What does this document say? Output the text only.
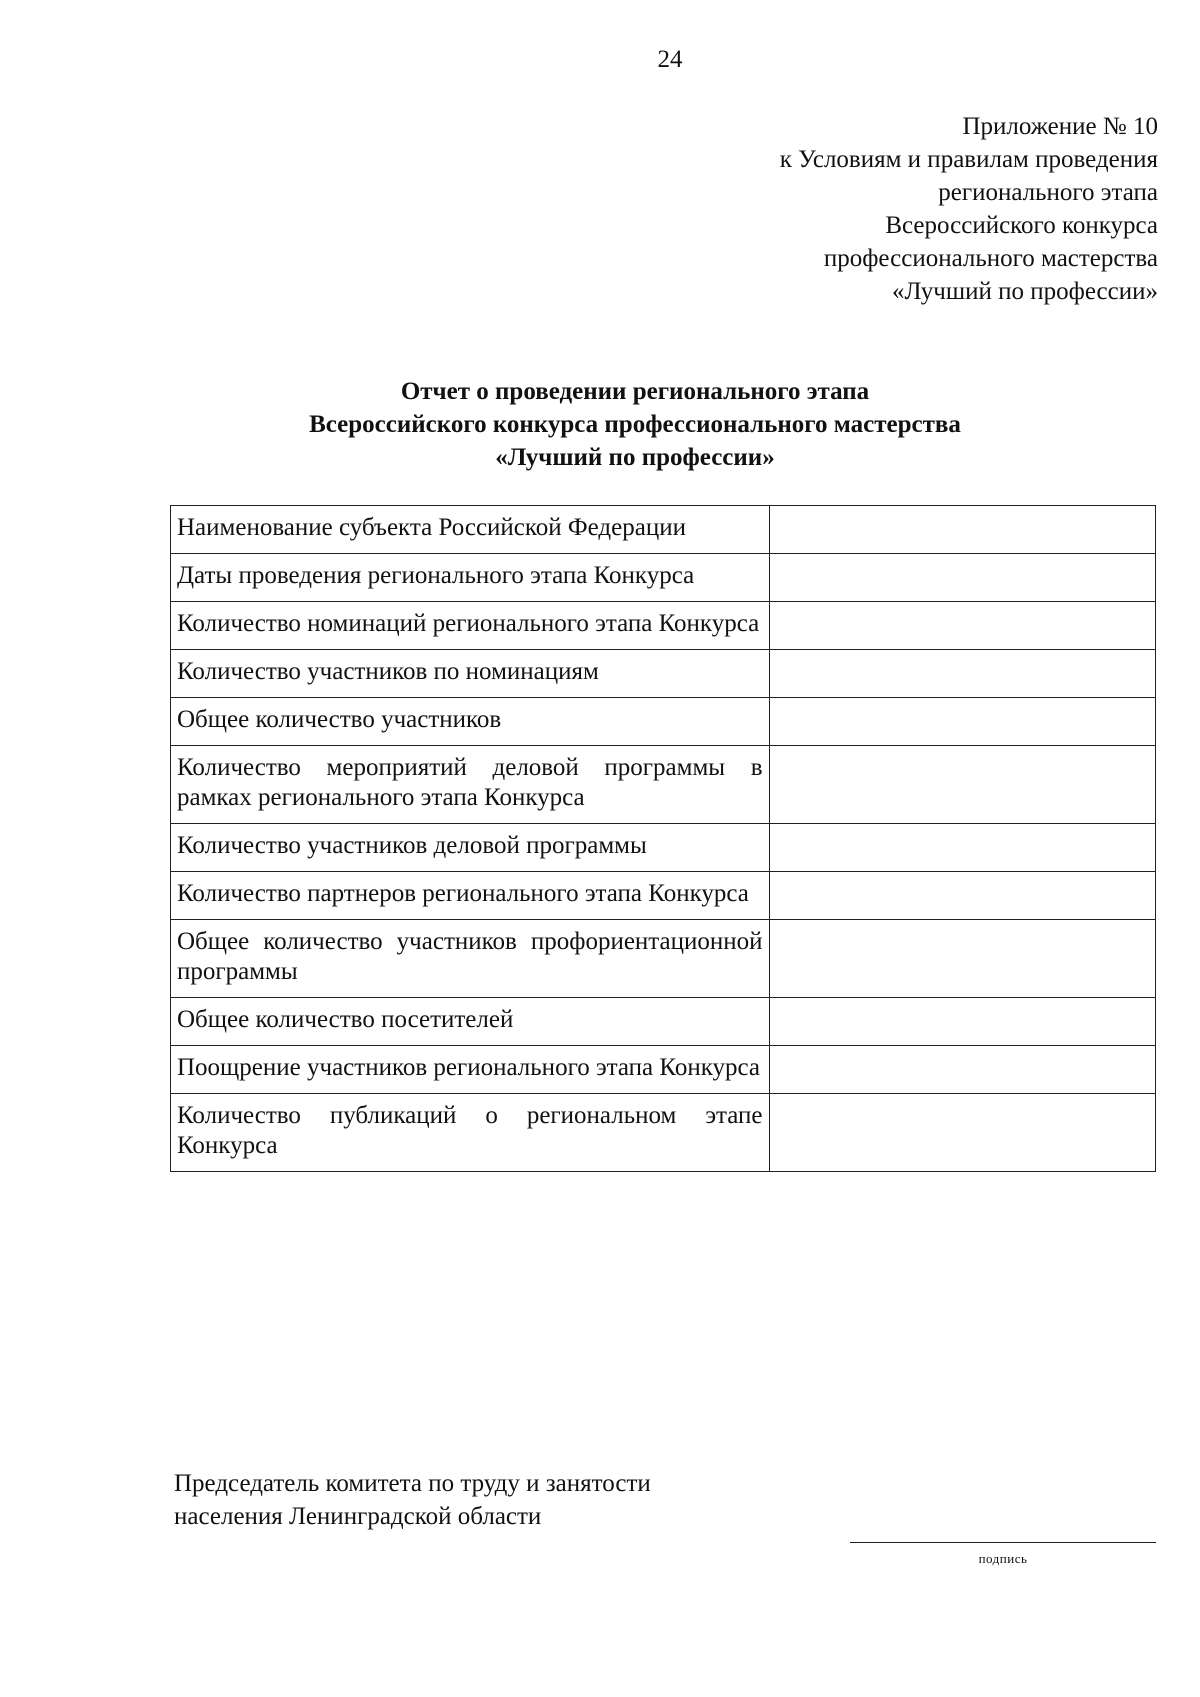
24
Приложение № 10
к Условиям и правилам проведения
регионального этапа
Всероссийского конкурса
профессионального мастерства
«Лучший по профессии»
Отчет о проведении регионального этапа
Всероссийского конкурса профессионального мастерства
«Лучший по профессии»
Наименование субъекта Российской Федерации	
Даты проведения регионального этапа Конкурса	
Количество номинаций регионального этапа Конкурса	
Количество участников по номинациям	
Общее количество участников	
Количество мероприятий деловой программы в рамках регионального этапа Конкурса	
Количество участников деловой программы	
Количество партнеров регионального этапа Конкурса	
Общее количество участников профориентационной программы	
Общее количество посетителей	
Поощрение участников регионального этапа Конкурса	
Количество публикаций о региональном этапе Конкурса	
Председатель комитета по труду и занятости
населения Ленинградской области
подпись
